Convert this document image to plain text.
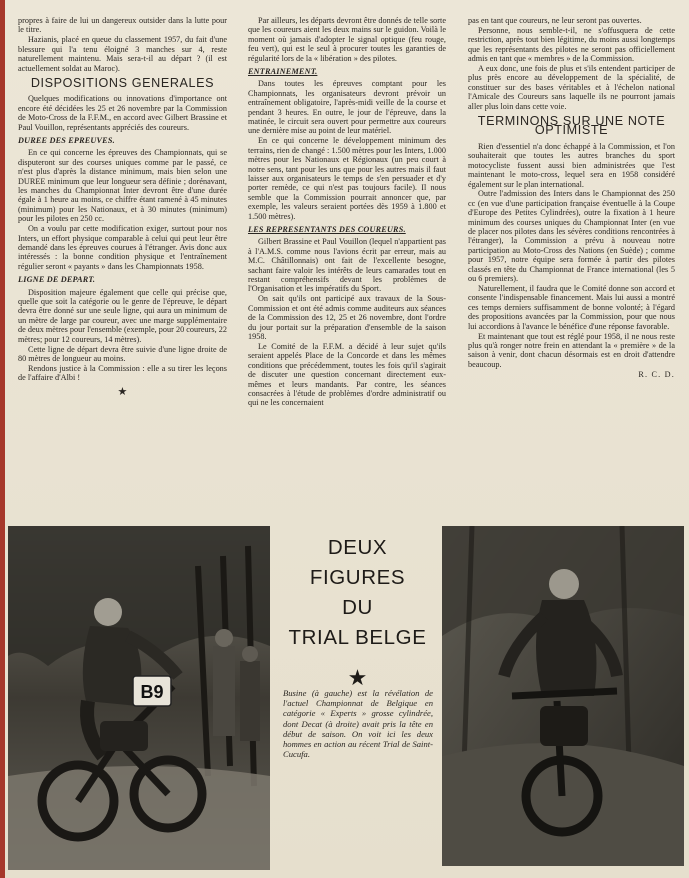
propres à faire de lui un dangereux outsider dans la lutte pour le titre.

Hazianis, placé en queue du classement 1957, du fait d'une blessure qui l'a tenu éloigné 3 manches sur 4, reste naturellement maintenu. Mais sera-t-il au départ ? (il est actuellement soldat au Maroc).

DISPOSITIONS GENERALES

Quelques modifications ou innovations d'importance ont encore été décidées les 25 et 26 novembre par la Commission de Moto-Cross de la F.F.M., en accord avec Gilbert Brassine et Paul Vouillon, représentants appréciés des coureurs.

DUREE DES EPREUVES.

En ce qui concerne les épreuves des Championnats, qui se disputeront sur des courses uniques comme par le passé, ce n'est plus d'après la distance minimum, mais bien selon une DUREE minimum que leur longueur sera définie ; dorénavant, les manches du Championnat Inter devront être d'une durée égale à 1 heure au moins, ce chiffre étant ramené à 45 minutes (minimum) pour les Nationaux, et à 30 minutes (minimum) pour les pilotes en 250 cc.

On a voulu par cette modification exiger, surtout pour nos Inters, un effort physique comparable à celui qui peut leur être demandé dans les épreuves courues à l'étranger. Avis donc aux intéressés : la bonne condition physique et l'entraînement régulier seront « payants » dans les Championnats 1958.

LIGNE DE DEPART.

Disposition majeure également que celle qui précise que, quelle que soit la catégorie ou le genre de l'épreuve, le départ devra être donné sur une seule ligne, qui aura un minimum de un mètre de large par coureur, avec une marge supplémentaire de deux mètres pour l'ensemble (exemple, pour 20 coureurs, 22 mètres; pour 12 coureurs, 14 mètres).

Cette ligne de départ devra être suivie d'une ligne droite de 80 mètres de longueur au moins.

Rendons justice à la Commission : elle a su tirer les leçons de l'affaire d'Albi !

★

Par ailleurs, les départs devront être donnés de telle sorte que les coureurs aient les deux mains sur le guidon. Voilà le moment où jamais d'adopter le signal optique (feu rouge, feu vert), qui est le seul à procurer toutes les garanties de régularité lors de la « libération » des pilotes.

ENTRAINEMENT.

Dans toutes les épreuves comptant pour les Championnats, les organisateurs devront prévoir un entraînement obligatoire, l'après-midi veille de la course et pendant 3 heures. En outre, le jour de l'épreuve, dans la matinée, le circuit sera ouvert pour permettre aux coureurs une dernière mise au point de leur matériel.

En ce qui concerne le développement minimum des terrains, rien de changé : 1.500 mètres pour les Inters, 1.000 mètres pour les Nationaux et Régionaux (un peu court à notre sens, tant pour les uns que pour les autres mais il faut laisser aux organisateurs le temps de s'en persuader et d'y porter remède, ce qui n'est pas toujours facile). Il nous semble que la Commission pourrait annoncer que, par exemple, les valeurs seraient portées dès 1959 à 1.800 et 1.500 mètres).

LES REPRESENTANTS DES COUREURS.

Gilbert Brassine et Paul Vouillon (lequel n'appartient pas à l'A.M.S. comme nous l'avions écrit par erreur, mais au M.C. Châtillonnais) ont fait de l'excellente besogne, sachant faire valoir les intérêts de leurs camarades tout en restant compréhensifs devant les problèmes de l'Organisation et les impératifs du Sport.

On sait qu'ils ont participé aux travaux de la Sous-Commission et ont été admis comme auditeurs aux séances de la Commission des 12, 25 et 26 novembre, dont l'ordre du jour portait sur la préparation d'ensemble de la saison 1958.

Le Comité de la F.F.M. a décidé à leur sujet qu'ils seraient appelés Place de la Concorde et dans les mêmes conditions que précédemment, toutes les fois qu'il s'agirait de discuter une question concernant directement eux-mêmes et leurs mandants. Par contre, les séances consacrées à l'étude de problèmes d'ordre administratif ou qui ne les concernaient

pas en tant que coureurs, ne leur seront pas ouvertes.

Personne, nous semble-t-il, ne s'offusquera de cette restriction, après tout bien légitime, du moins aussi longtemps que les représentants des pilotes ne seront pas officiellement admis en tant que « membres » de la Commission.

A eux donc, une fois de plus et s'ils entendent participer de plus près encore au développement de la spécialité, de constituer sur des bases véritables et à l'échelon national l'Amicale des Coureurs sans laquelle ils ne pourront jamais aller plus loin dans cette voie.

TERMINONS SUR UNE NOTE OPTIMISTE

Rien d'essentiel n'a donc échappé à la Commission, et l'on souhaiterait que toutes les autres branches du sport motocycliste fussent aussi bien administrées que l'est maintenant le moto-cross, lequel sera en 1958 considéré également sur le plan international.

Outre l'admission des Inters dans le Championnat des 250 cc (en vue d'une participation française éventuelle à la Coupe d'Europe des Petites Cylindrées), outre la fixation à 1 heure minimum des courses uniques du Championnat Inter (en vue de placer nos pilotes dans les sévères conditions rencontrées à l'étranger), la Commission a prévu à nouveau notre participation au Moto-Cross des Nations (en Suède) ; comme pour 1957, notre équipe sera formée à partir des pilotes classés en tête du Championnat de France international (les 5 ou 6 premiers).

Naturellement, il faudra que le Comité donne son accord et consente l'indispensable financement. Mais lui aussi a montré ces temps derniers suffisamment de bonne volonté; à l'égard des propositions avancées par la Commission, pour que nous lui accordions à l'avance le bénéfice d'une réponse favorable.

Et maintenant que tout est réglé pour 1958, il ne nous reste plus qu'à ronger notre frein en attendant la « première » de la saison à venir, dont chacun désormais est en droit d'attendre beaucoup.

R. C. D.
B9
DEUX
FIGURES
DU
TRIAL BELGE
★

Busine (à gauche) est la révélation de l'actuel Championnat de Belgique en catégorie « Experts » grosse cylindrée, dont Decat (à droite) avait pris la tête en début de saison. On voit ici les deux hommes en action au récent Trial de Saint-Cucufa.
